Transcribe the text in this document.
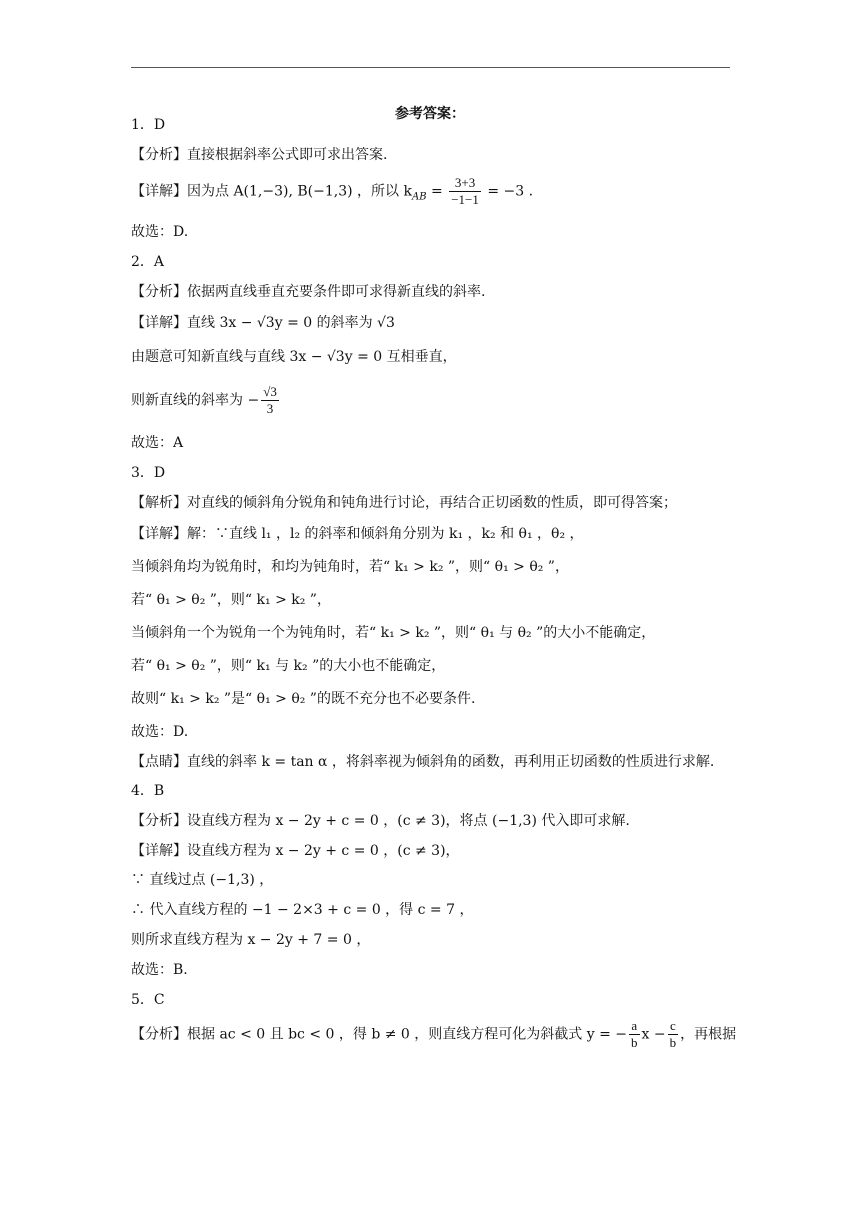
参考答案：
1．D
【分析】直接根据斜率公式即可求出答案.
【详解】因为点 A(1,−3), B(−1,3) ，所以 $k_{AB} = \frac{3+3}{-1-1} = -3$ .
故选：D.
2．A
【分析】依据两直线垂直充要条件即可求得新直线的斜率.
【详解】直线 3x − √3y = 0 的斜率为 √3
由题意可知新直线与直线 3x − √3y = 0 互相垂直，
则新直线的斜率为 − $\frac{√3}{3}$
故选：A
3．D
【解析】对直线的倾斜角分锐角和钝角进行讨论，再结合正切函数的性质，即可得答案；
【详解】解：∵直线 l₁ ，l₂ 的斜率和倾斜角分别为 k₁ ，k₂ 和 θ₁ ，θ₂ ，
当倾斜角均为锐角时，和均为钝角时，若“ k₁ > k₂ ”，则“ θ₁ > θ₂ ”，
若“ θ₁ > θ₂ ”，则“ k₁ > k₂ ”，
当倾斜角一个为锐角一个为钝角时，若“ k₁ > k₂ ”，则“ θ₁ 与 θ₂ ”的大小不能确定，
若“ θ₁ > θ₂ ”，则“ k₁ 与 k₂ ”的大小也不能确定，
故则“ k₁ > k₂ ”是“ θ₁ > θ₂ ”的既不充分也不必要条件.
故选：D.
【点睛】直线的斜率 k = tan α ，将斜率视为倾斜角的函数，再利用正切函数的性质进行求解.
4．B
【分析】设直线方程为 x − 2y + c = 0 ，(c ≠ 3)，将点 (−1,3) 代入即可求解.
【详解】设直线方程为 x − 2y + c = 0 ，(c ≠ 3)，
∵ 直线过点 (−1,3) ，
∴ 代入直线方程的 −1 − 2×3 + c = 0 ，得 c = 7 ，
则所求直线方程为 x − 2y + 7 = 0 ，
故选：B.
5．C
【分析】根据 ac < 0 且 bc < 0 ，得 b ≠ 0 ，则直线方程可化为斜截式 y = − $\frac{a}{b}$ $x - \frac{c}{b}$ ，再根据
